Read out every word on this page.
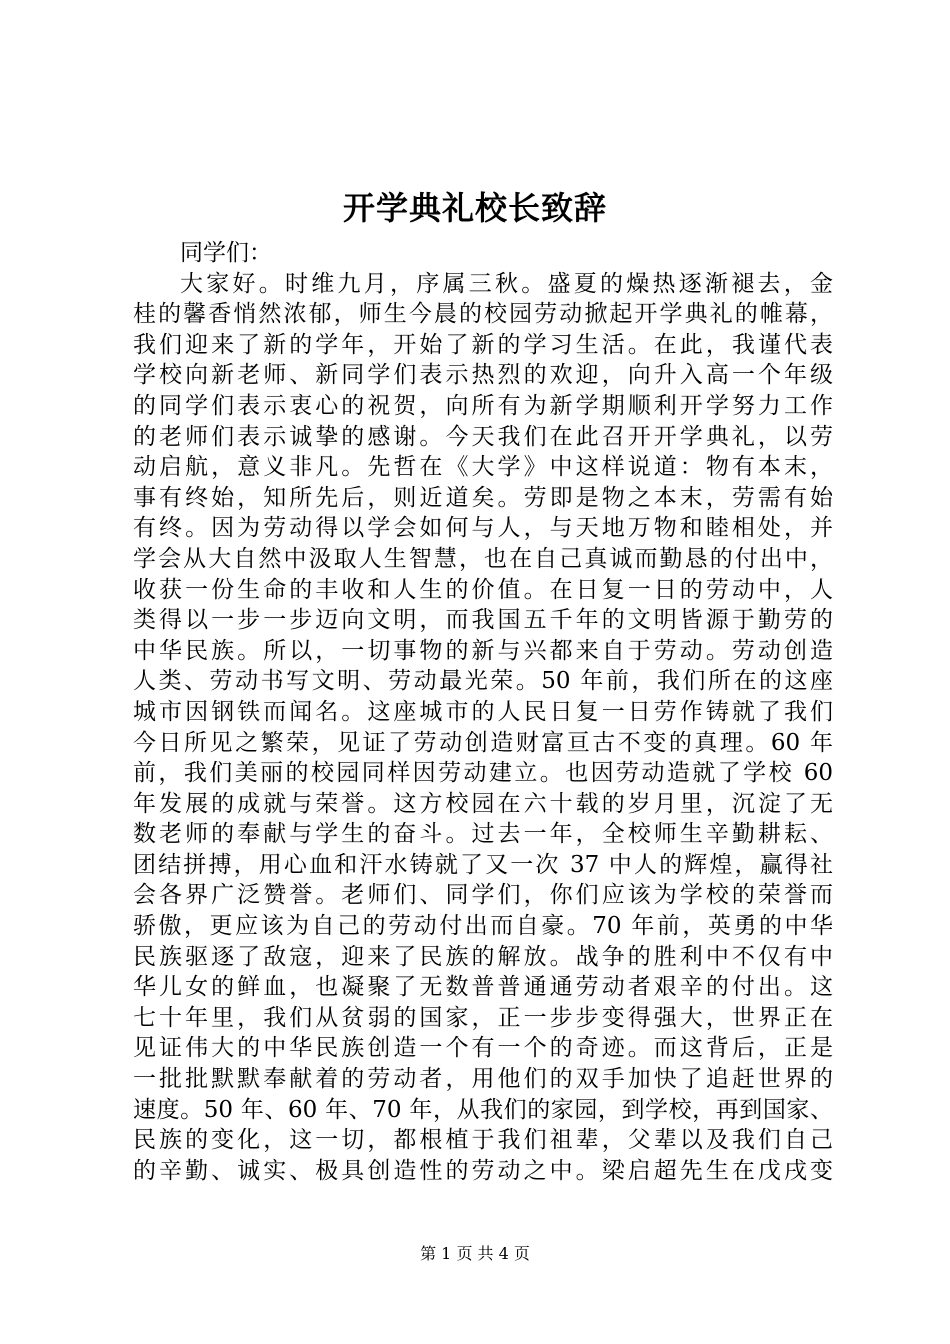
开学典礼校长致辞
同学们：
大家好。时维九月，序属三秋。盛夏的燥热逐渐褪去，金
桂的馨香悄然浓郁，师生今晨的校园劳动掀起开学典礼的帷幕，
我们迎来了新的学年，开始了新的学习生活。在此，我谨代表
学校向新老师、新同学们表示热烈的欢迎，向升入高一个年级
的同学们表示衷心的祝贺，向所有为新学期顺利开学努力工作
的老师们表示诚挚的感谢。今天我们在此召开开学典礼，以劳
动启航，意义非凡。先哲在《大学》中这样说道：物有本末，
事有终始，知所先后，则近道矣。劳即是物之本末，劳需有始
有终。因为劳动得以学会如何与人，与天地万物和睦相处，并
学会从大自然中汲取人生智慧，也在自己真诚而勤恳的付出中，
收获一份生命的丰收和人生的价值。在日复一日的劳动中，人
类得以一步一步迈向文明，而我国五千年的文明皆源于勤劳的
中华民族。所以，一切事物的新与兴都来自于劳动。劳动创造
人类、劳动书写文明、劳动最光荣。50 年前，我们所在的这座
城市因钢铁而闻名。这座城市的人民日复一日劳作铸就了我们
今日所见之繁荣，见证了劳动创造财富亘古不变的真理。60 年
前，我们美丽的校园同样因劳动建立。也因劳动造就了学校 60
年发展的成就与荣誉。这方校园在六十载的岁月里，沉淀了无
数老师的奉献与学生的奋斗。过去一年，全校师生辛勤耕耘、
团结拼搏，用心血和汗水铸就了又一次 37 中人的辉煌，赢得社
会各界广泛赞誉。老师们、同学们，你们应该为学校的荣誉而
骄傲，更应该为自己的劳动付出而自豪。70 年前，英勇的中华
民族驱逐了敌寇，迎来了民族的解放。战争的胜利中不仅有中
华儿女的鲜血，也凝聚了无数普普通通劳动者艰辛的付出。这
七十年里，我们从贫弱的国家，正一步步变得强大，世界正在
见证伟大的中华民族创造一个有一个的奇迹。而这背后，正是
一批批默默奉献着的劳动者，用他们的双手加快了追赶世界的
速度。50 年、60 年、70 年，从我们的家园，到学校，再到国家、
民族的变化，这一切，都根植于我们祖辈，父辈以及我们自己
的辛勤、诚实、极具创造性的劳动之中。梁启超先生在戊戌变
第 1 页 共 4 页
